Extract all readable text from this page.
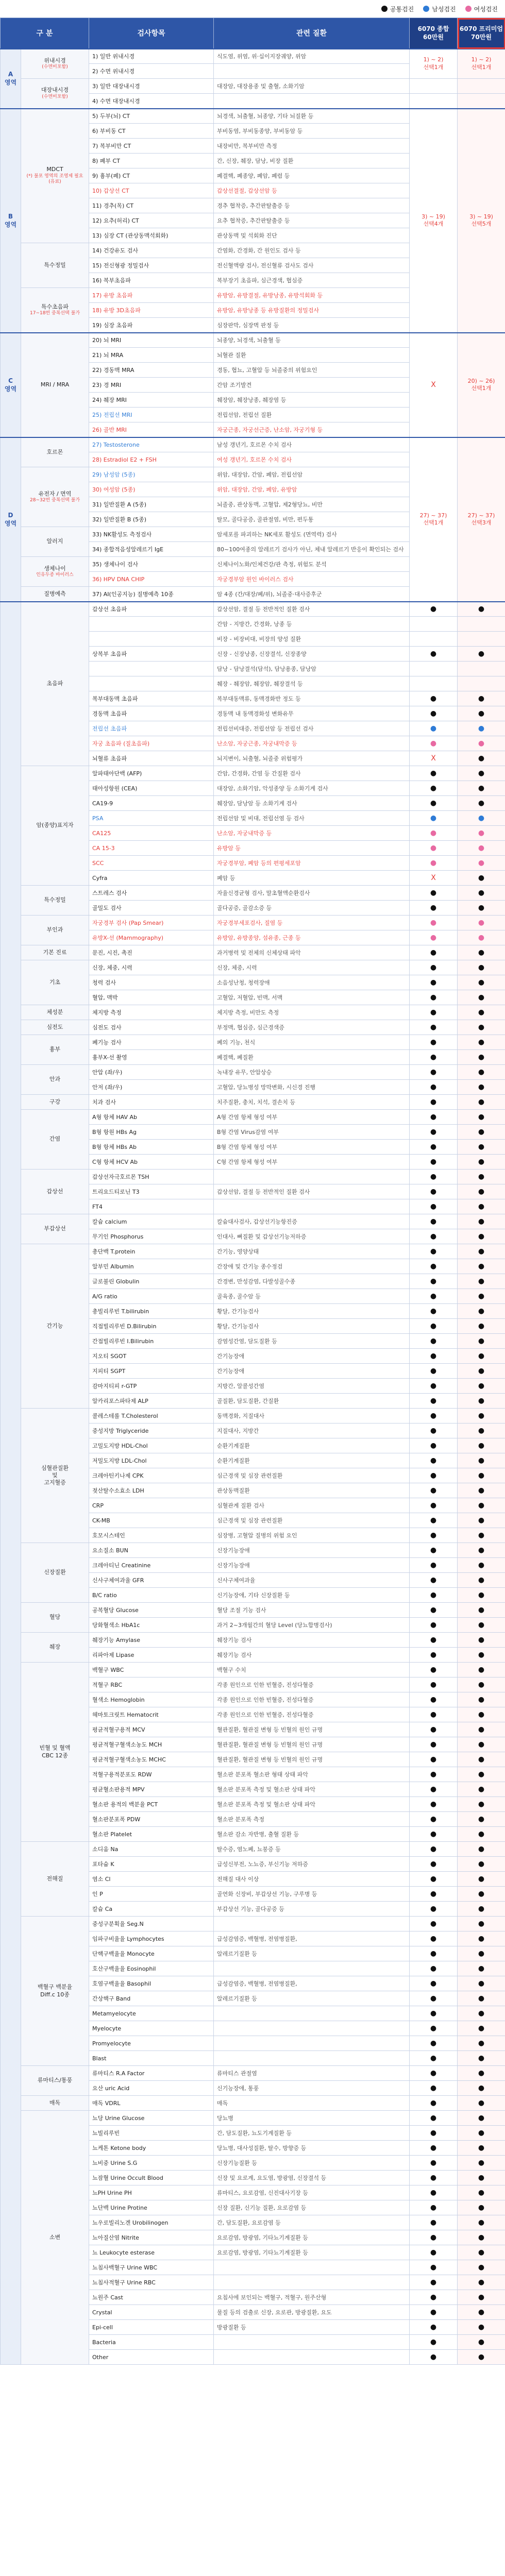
공통검진	남성검진	여성검진
구 분		검사항목	관련 질환	6070 종합
60만원	6070 프리미엄
70만원
A
영역	위내시경
(수면비포함)	1) 일반 위내시경	식도염, 위염, 위·십이지장궤양, 위암	1) ~ 2)
선택1개	1) ~ 2)
선택1개
		2) 수면 위내시경			
	대장내시경
(수면비포함)	3) 일반 대장내시경	대장암, 대장용종 및 출혈, 소화기암		
		4) 수면 대장내시경			
B
영역	MDCT
(*) 불포 영역의 조영제 필요 (유료)	5) 두부(뇌) CT	뇌경색, 뇌출혈, 뇌종양, 기타 뇌질환 등	3) ~ 19)
선택4개	3) ~ 19)
선택5개
		6) 부비동 CT	부비동염, 부비동종양, 부비동암 등		
		7) 복부비만 CT	내장비만, 복부비만 측정		
		8) 폐부 CT	간, 신장, 췌장, 담낭, 비장 질환		
		9) 흉부(폐) CT	폐결핵, 폐종양, 폐암, 폐렴 등		
		10) 갑상선 CT	갑상선결절, 갑상선암 등		
		11) 경추(목) CT	경추 협착증, 추간판탈출증 등		
		12) 요추(허리) CT	요추 협착증, 추간판탈출증 등		
		13) 심장 CT (관상동맥석회화)	관상동맥 및 석회화 진단		
	특수정밀	14) 건강유도 검사	간염화, 간경화, 간 원인도 검사 등		
		15) 전신형광 정밀검사	전신혈액량 검사, 전신혈류 검사도 검사		
		16) 복부초음파	복부장기 초음파, 심근경색, 협심증		
	특수초음파
17~18번 중복선택 불가	17) 유방 초음파	유방암, 유방결절, 유방낭종, 유방석회화 등		
		18) 유방 3D초음파	유방암, 유방낭종 등 유방질환의 정밀검사		
		19) 심장 초음파	심장판막, 심장벽 판정 등		
C
영역	MRI / MRA	20) 뇌 MRI	뇌종양, 뇌경색, 뇌출혈 등	X	20) ~ 26)
선택1개
		21) 뇌 MRA	뇌혈관 질환		
		22) 경동맥 MRA	경동, 협뇨, 고혈압 등 뇌졸중의 위험요인		
		23) 경 MRI	간암 조기발견		
		24) 췌장 MRI	췌장암, 췌장낭종, 췌장염 등		
		25) 전립선 MRI	전립선암, 전립선 질환		
		26) 골반 MRI	자궁근종, 자궁선근증, 난소암, 자궁기형 등		
D
영역	호르몬	27) Testosterone	남성 갱년기, 호르몬 수치 검사	27) ~ 37)
선택1개	27) ~ 37)
선택3개
		28) Estradiol E2 + FSH	여성 갱년기, 호르몬 수치 검사		
	유전자 / 면역
28~32번 중복선택 불가	29) 남성암 (5종)	위암, 대장암, 간암, 폐암, 전립선암		
		30) 여성암 (5종)	위암, 대장암, 간암, 폐암, 유방암		
		31) 일반질환 A (5종)	뇌졸중, 관상동맥, 고혈압, 제2형당뇨, 비만		
		32) 일반질환 B (5종)	탈모, 골다공증, 골관절염, 비만, 편두통		
	알러지	33) NK활성도 측정검사	암세포를 파괴하는 NK세포 활성도 (면역력) 검사		
		34) 종합적음성알레르기 IgE	80~100여종의 알레르기 검사가 아닌, 체내 알레르기 반응이 확인되는 검사		
	생체나이
인유두종 바이러스	35) 생체나이 검사	신체나이노화/인체건강/관 측정, 위험도 분석		
		36) HPV DNA CHIP	자궁경부암 원인 바이러스 검사		
	질병예측	37) AI(인공지능) 질병예측 10종	암 4종 (간/대장/폐/위), 뇌졸중·대사증후군		
	초음파	갑상선 초음파	갑상선암, 결절 등 전반적인 질환 검사	●	●
			간암 - 지방간, 간경화, 낭종 등		
			비장 - 비장비대, 비장의 양성 질환		
		상복부 초음파	신장 - 신장낭종, 신장결석, 신장종양	●	●
			담낭 - 담낭결석(담석), 담낭용종, 담낭암		
			췌장 - 췌장암, 췌장암, 췌장결석 등		
		복부대동맥 초음파	복부대동맥류, 동맥경화반 정도 등	●	●
		경동맥 초음파	경동맥 내 동맥경화성 변화유무	●	●
		전립선 초음파	전립선비대증, 전립선암 등 전립선 검사	●	●
		자궁 초음파 (질초음파)	난소암, 자궁근종, 자궁내막증 등	●	●
		뇌혈류 초음파	뇌지변이, 뇌출혈, 뇌졸중 위험평가	X	●
	암(종양)표지자	알파태아단백 (AFP)	간암, 간경화, 간염 등 간질환 검사	●	●
		태아성항원 (CEA)	대장암, 소화기암, 악성종양 등 소화기계 검사	●	●
		CA19-9	췌장암, 담낭암 등 소화기계 검사	●	●
		PSA	전립선암 및 비대, 전립선염 등 검사	●	●
		CA125	난소암, 자궁내막증 등	●	●
		CA 15-3	유방암 등	●	●
		SCC	자궁경부암, 폐암 등의 편평세포암	●	●
		Cyfra	폐암 등	X	●
	특수정밀	스트레스 검사	자율신경균형 검사, 말초혈액순환검사	●	●
		골밀도 검사	골다공증, 골감소증 등	●	●
	부인과	자궁경부 검사 (Pap Smear)	자궁경부세포검사, 질염 등	●	●
		유방X-선 (Mammography)	유방암, 유방종양, 섬유종, 근종 등	●	●
	기본 진료	문진, 시진, 촉진	과거병력 및 전체의 신체상태 파악	●	●
	기초	신장, 체중, 시력	신장, 체중, 시력	●	●
		청력 검사	소음성난청, 청력장애	●	●
		혈압, 맥박	고혈압, 저혈압, 빈맥, 서맥	●	●
	체성분	체지방 측정	체지방 측정, 비만도 측정	●	●
	심전도	심전도 검사	부정맥, 협심증, 심근경색증	●	●
	흉부	폐기능 검사	폐의 기능, 천식	●	●
		흉부X-선 촬영	폐결핵, 폐질환	●	●
	안과	안압 (좌/우)	녹내장 유무, 안압상승	●	●
		안저 (좌/우)	고혈압, 당뇨병성 망막변화, 시신경 진행	●	●
	구강	치과 검사	치주질환, 충치, 치석, 결손치 등	●	●
	간염	A형 항체 HAV Ab	A형 간염 항체 형성 여부	●	●
		B형 항원 HBs Ag	B형 간염 Virus감염 여부	●	●
		B형 항체 HBs Ab	B형 간염 항체 형성 여부	●	●
		C형 항체 HCV Ab	C형 간염 항체 형성 여부	●	●
	갑상선	갑상선자극호르몬 TSH		●	●
		트리요드티로닌 T3	갑상선암, 결절 등 전반적인 질환 검사	●	●
		FT4		●	●
	부갑상선	칼슘 calcium	칼슘대사검사, 갑상선기능항진증	●	●
		무기인 Phosphorus	인대사, 뼈질환 및 갑상선기능저하증	●	●
	간기능	총단백 T.protein	간기능, 영양상태	●	●
		알부민 Albumin	간장애 및 간기능 종수정검	●	●
		글로불린 Globulin	간경변, 만성감염, 다발성골수종	●	●
		A/G ratio	골육종, 골수암 등	●	●
		총빌리루빈 T.bilirubin	황달, 간기능검사	●	●
		직접빌리루빈 D.Bilirubin	황달, 간기능검사	●	●
		간접빌리루빈 I.Bilirubin	감염성간염, 담도질환 등	●	●
		지오티 SGOT	간기능장애	●	●
		지피티 SGPT	간기능장애	●	●
		감마지티피 r-GTP	지방간, 알콜성간염	●	●
		알카리포스파타제 ALP	골질환, 담도질환, 간질환	●	●
	심혈관질환
및
고지혈증	콜레스테롤 T.Cholesterol	동맥경화, 지질대사	●	●
		중성지방 Triglyceride	지질대사, 지방간	●	●
		고밀도지방 HDL-Chol	순환기계질환	●	●
		저밀도지방 LDL-Chol	순환기계질환	●	●
		크레아틴키나제 CPK	심근경색 및 심장 관련질환	●	●
		젖산탈수소효소 LDH	관상동맥질환	●	●
		CRP	심혈관계 질환 검사	●	●
		CK-MB	심근경색 및 심장 관련질환	●	●
		호모시스테인	심장병, 고혈압 질병의 위험 요인	●	●
	신장질환	요소질소 BUN	신장기능장애	●	●
		크레아티닌 Creatinine	신장기능장애	●	●
		신사구체여과율 GFR	신사구체여과율	●	●
		B/C ratio	신기능장애, 기타 신장질환 등	●	●
	혈당	공복혈당 Glucose	혈당 조절 기능 검사	●	●
		당화혈색소 HbA1c	과거 2~3개월간의 혈당 Level (당뇨합병검사)	●	●
	췌장	췌장기능 Amylase	췌장기능 검사	●	●
		리파아제 Lipase	췌장기능 검사	●	●
	빈혈 및 혈액
CBC 12종	백혈구 WBC	백혈구 수치	●	●
		적혈구 RBC	각종 원인으로 인한 빈혈증, 진성다혈증	●	●
		혈색소 Hemoglobin	각종 원인으로 인한 빈혈증, 진성다혈증	●	●
		헤마토크릿트 Hematocrit	각종 원인으로 인한 빈혈증, 진성다혈증	●	●
		평균적혈구용적 MCV	혈관질환, 혈관질 변형 등 빈혈의 원인 규명	●	●
		평균적혈구혈색소농도 MCH	혈관질환, 혈관질 변형 등 빈혈의 원인 규명	●	●
		평균적혈구혈색소농도 MCHC	혈관질환, 혈관질 변형 등 빈혈의 원인 규명	●	●
		적혈구용적분포도 RDW	혈소판 분포폭 혈소판 형태 상태 파악	●	●
		평균혈소판용적 MPV	혈소판 분포폭 측정 및 혈소판 상태 파악	●	●
		혈소판 용적의 백분율 PCT	혈소판 분포폭 측정 및 혈소판 상태 파악	●	●
		혈소판분포폭 PDW	혈소판 분포폭 측정	●	●
		혈소판 Platelet	혈소판 감소 자반병, 출혈 질환 등	●	●
	전해질	소디움 Na	탈수증, 염노폐, 뇨붕증 등	●	●
		포타슘 K	급성신부전, 노뇨증, 부신기능 저하증	●	●
		염소 Cl	전해질 대사 이상	●	●
		인 P	골연화 신장비, 부갑상선 기능, 구루병 등	●	●
		칼슘 Ca	부갑상선 기능, 골다공증 등	●	●
	백혈구 백분율
Diff.c 10종	중성구분획율 Seg.N		●	●
		임파구비율율 Lymphocytes	급성감염증, 백혈병, 전염병질환,	●	●
		단핵구백율율 Monocyte	알레르기질환 등	●	●
		호산구백율율 Eosinophil		●	●
		호염구백율율 Basophil	급성감염증, 백혈병, 전염병질환,	●	●
		간상핵구 Band	알레르기질환 등	●	●
		Metamyelocyte		●	●
		Myelocyte		●	●
		Promyelocyte		●	●
		Blast		●	●
	류마티스/통풍	류마티스 R.A Factor	류마티스 관절염	●	●
		요산 uric Acid	신기능장애, 통풍	●	●
	매독	매독 VDRL	매독	●	●
	소변	뇨당 Urine Glucose	당뇨병	●	●
		뇨빌리루빈	간, 담도질환, 뇨도기계질환 등	●	●
		뇨케톤 Ketone body	당뇨병, 대사성질환, 탈수, 방향증 등	●	●
		뇨비중 Urine S.G	신장기능질환 등	●	●
		뇨잠혈 Urine Occult Blood	신장 및 요로계, 요도염, 방광염, 신장결석 등	●	●
		뇨PH Urine PH	류마티스, 요로감염, 신진대사기장 등	●	●
		뇨단백 Urine Protine	신장 질환, 신기능 질환, 요로감염 등	●	●
		뇨우로빌리노겐 Urobilinogen	간, 담도질환, 요로감염 등	●	●
		뇨아질산염 Nitrite	요로감염, 방광염, 기타뇨기계질환 등	●	●
		뇨 Leukocyte esterase	요로감염, 방광염, 기타뇨기계질환 등	●	●
		뇨침사백혈구 Urine WBC		●	●
		뇨침사적혈구 Urine RBC		●	●
		뇨원주 Cast	요침사에 보인되는 백혈구, 적혈구, 원주산형	●	●
		Crystal	물질 등의 검출로 신장, 요로관, 방광질환, 요도	●	●
		Epi-cell	방광질환 등	●	●
		Bacteria		●	●
		Other		●	●
